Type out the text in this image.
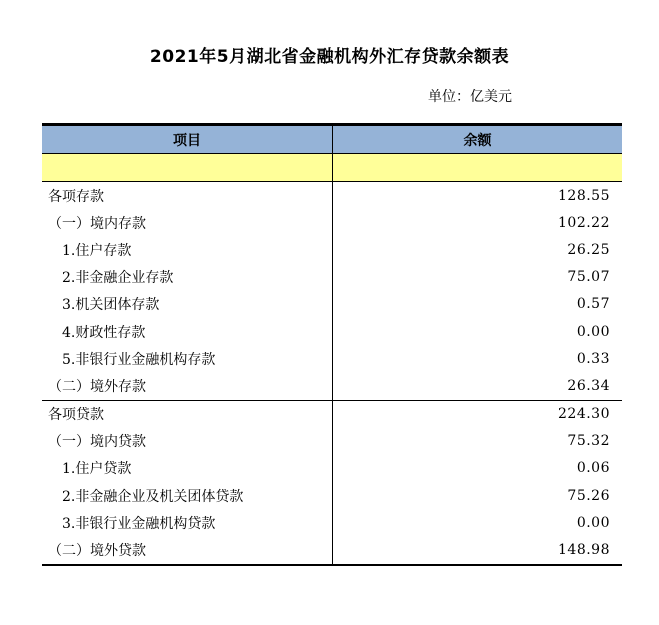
2021年5月湖北省金融机构外汇存贷款余额表
单位：亿美元
项目	余额

各项存款	128.55
（一）境内存款	102.22
　1.住户存款	26.25
　2.非金融企业存款	75.07
　3.机关团体存款	0.57
　4.财政性存款	0.00
　5.非银行业金融机构存款	0.33
（二）境外存款	26.34
各项贷款	224.30
（一）境内贷款	75.32
　1.住户贷款	0.06
　2.非金融企业及机关团体贷款	75.26
　3.非银行业金融机构贷款	0.00
（二）境外贷款	148.98
